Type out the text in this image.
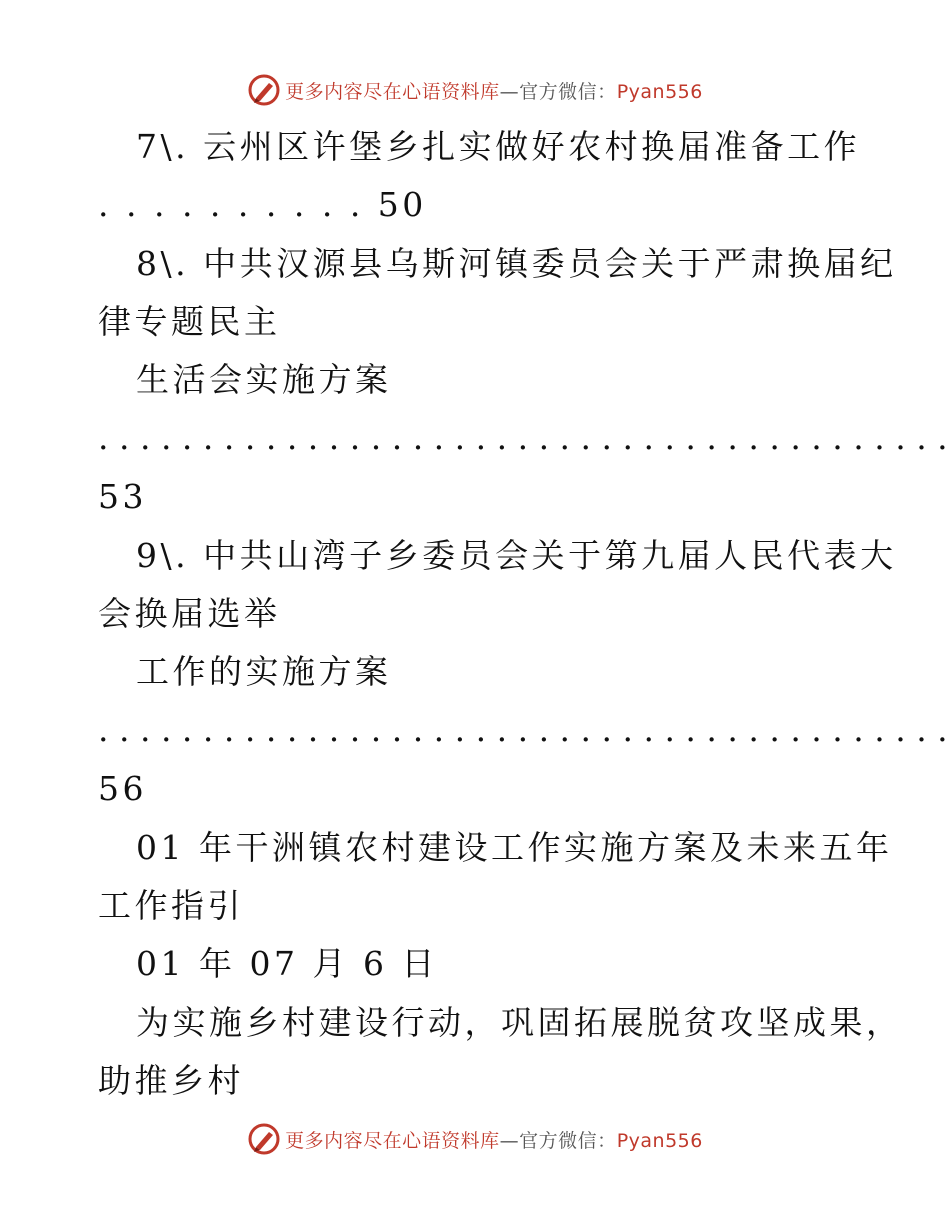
更多内容尽在心语资料库—官方微信：Pyan556
7\. 云州区许堡乡扎实做好农村换届准备工作
. . . . . . . . . . 50
8\. 中共汉源县乌斯河镇委员会关于严肃换届纪
律专题民主
生活会实施方案
. . . . . . . . . . . . . . . . . . . . . . . . . . . . . . . . . . . . . . . . .
53
9\. 中共山湾子乡委员会关于第九届人民代表大
会换届选举
工作的实施方案
. . . . . . . . . . . . . . . . . . . . . . . . . . . . . . . . . . . . . . . . .
56
01 年干洲镇农村建设工作实施方案及未来五年
工作指引
01 年 07 月 6 日
为实施乡村建设行动，巩固拓展脱贫攻坚成果，
助推乡村
更多内容尽在心语资料库—官方微信：Pyan556
